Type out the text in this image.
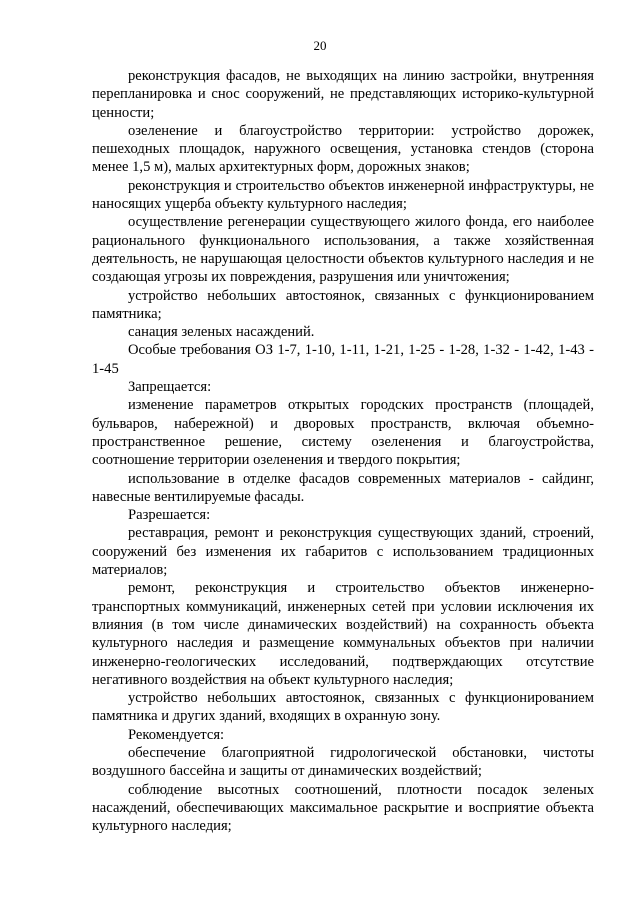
20

реконструкция фасадов, не выходящих на линию застройки, внутренняя перепланировка и снос сооружений, не представляющих историко-культурной ценности;

озеленение и благоустройство территории: устройство дорожек, пешеходных площадок, наружного освещения, установка стендов (сторона менее 1,5 м), малых архитектурных форм, дорожных знаков;

реконструкция и строительство объектов инженерной инфраструктуры, не наносящих ущерба объекту культурного наследия;

осуществление регенерации существующего жилого фонда, его наиболее рационального функционального использования, а также хозяйственная деятельность, не нарушающая целостности объектов культурного наследия и не создающая угрозы их повреждения, разрушения или уничтожения;

устройство небольших автостоянок, связанных с функционированием памятника;

санация зеленых насаждений.

Особые требования ОЗ 1-7, 1-10, 1-11, 1-21, 1-25 - 1-28, 1-32 - 1-42, 1-43 - 1-45

Запрещается:

изменение параметров открытых городских пространств (площадей, бульваров, набережной) и дворовых пространств, включая объемно-пространственное решение, систему озеленения и благоустройства, соотношение территории озеленения и твердого покрытия;

использование в отделке фасадов современных материалов - сайдинг, навесные вентилируемые фасады.

Разрешается:

реставрация, ремонт и реконструкция существующих зданий, строений, сооружений без изменения их габаритов с использованием традиционных материалов;

ремонт, реконструкция и строительство объектов инженерно-транспортных коммуникаций, инженерных сетей при условии исключения их влияния (в том числе динамических воздействий) на сохранность объекта культурного наследия и размещение коммунальных объектов при наличии инженерно-геологических исследований, подтверждающих отсутствие негативного воздействия на объект культурного наследия;

устройство небольших автостоянок, связанных с функционированием памятника и других зданий, входящих в охранную зону.

Рекомендуется:

обеспечение благоприятной гидрологической обстановки, чистоты воздушного бассейна и защиты от динамических воздействий;

соблюдение высотных соотношений, плотности посадок зеленых насаждений, обеспечивающих максимальное раскрытие и восприятие объекта культурного наследия;
